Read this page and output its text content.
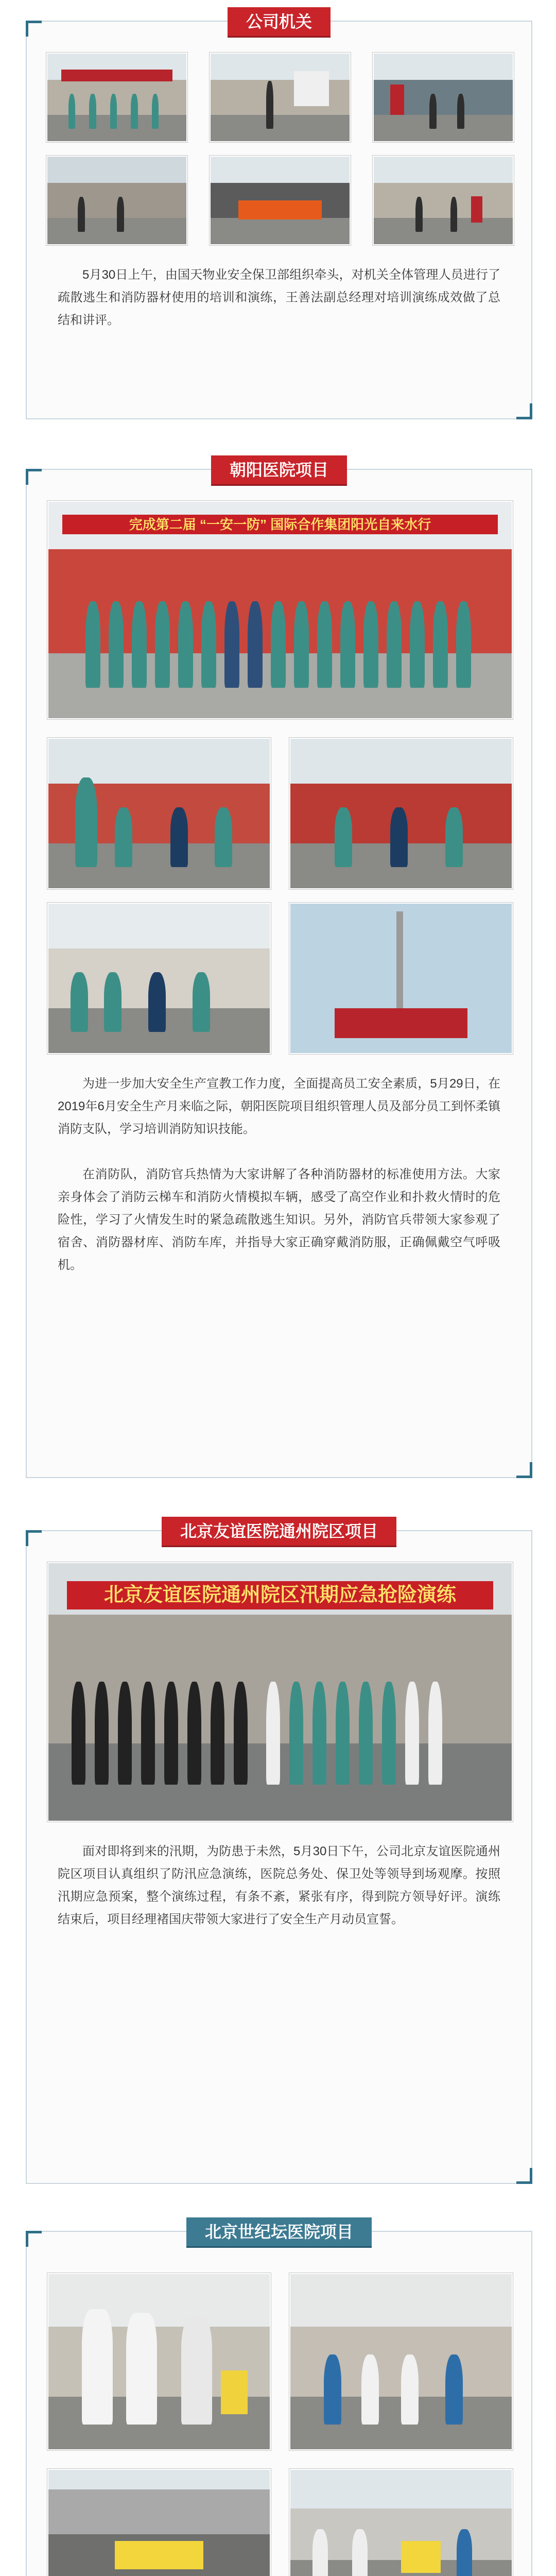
公司机关

5月30日上午，由国天物业安全保卫部组织牵头，对机关全体管理人员进行了疏散逃生和消防器材使用的培训和演练，王善法副总经理对培训演练成效做了总结和讲评。

朝阳医院项目
完成第二届 “一安一防” 国际合作集团阳光自来水行

为进一步加大安全生产宣教工作力度，全面提高员工安全素质，5月29日，在2019年6月安全生产月来临之际，朝阳医院项目组织管理人员及部分员工到怀柔镇消防支队，学习培训消防知识技能。

在消防队，消防官兵热情为大家讲解了各种消防器材的标准使用方法。大家亲身体会了消防云梯车和消防火情模拟车辆，感受了高空作业和扑救火情时的危险性，学习了火情发生时的紧急疏散逃生知识。另外，消防官兵带领大家参观了宿舍、消防器材库、消防车库，并指导大家正确穿戴消防服，正确佩戴空气呼吸机。

北京友谊医院通州院区项目
北京友谊医院通州院区汛期应急抢险演练

面对即将到来的汛期，为防患于未然，5月30日下午，公司北京友谊医院通州院区项目认真组织了防汛应急演练，医院总务处、保卫处等领导到场观摩。按照汛期应急预案，整个演练过程，有条不紊，紧张有序，得到院方领导好评。演练结束后，项目经理褚国庆带领大家进行了安全生产月动员宣誓。

北京世纪坛医院项目
